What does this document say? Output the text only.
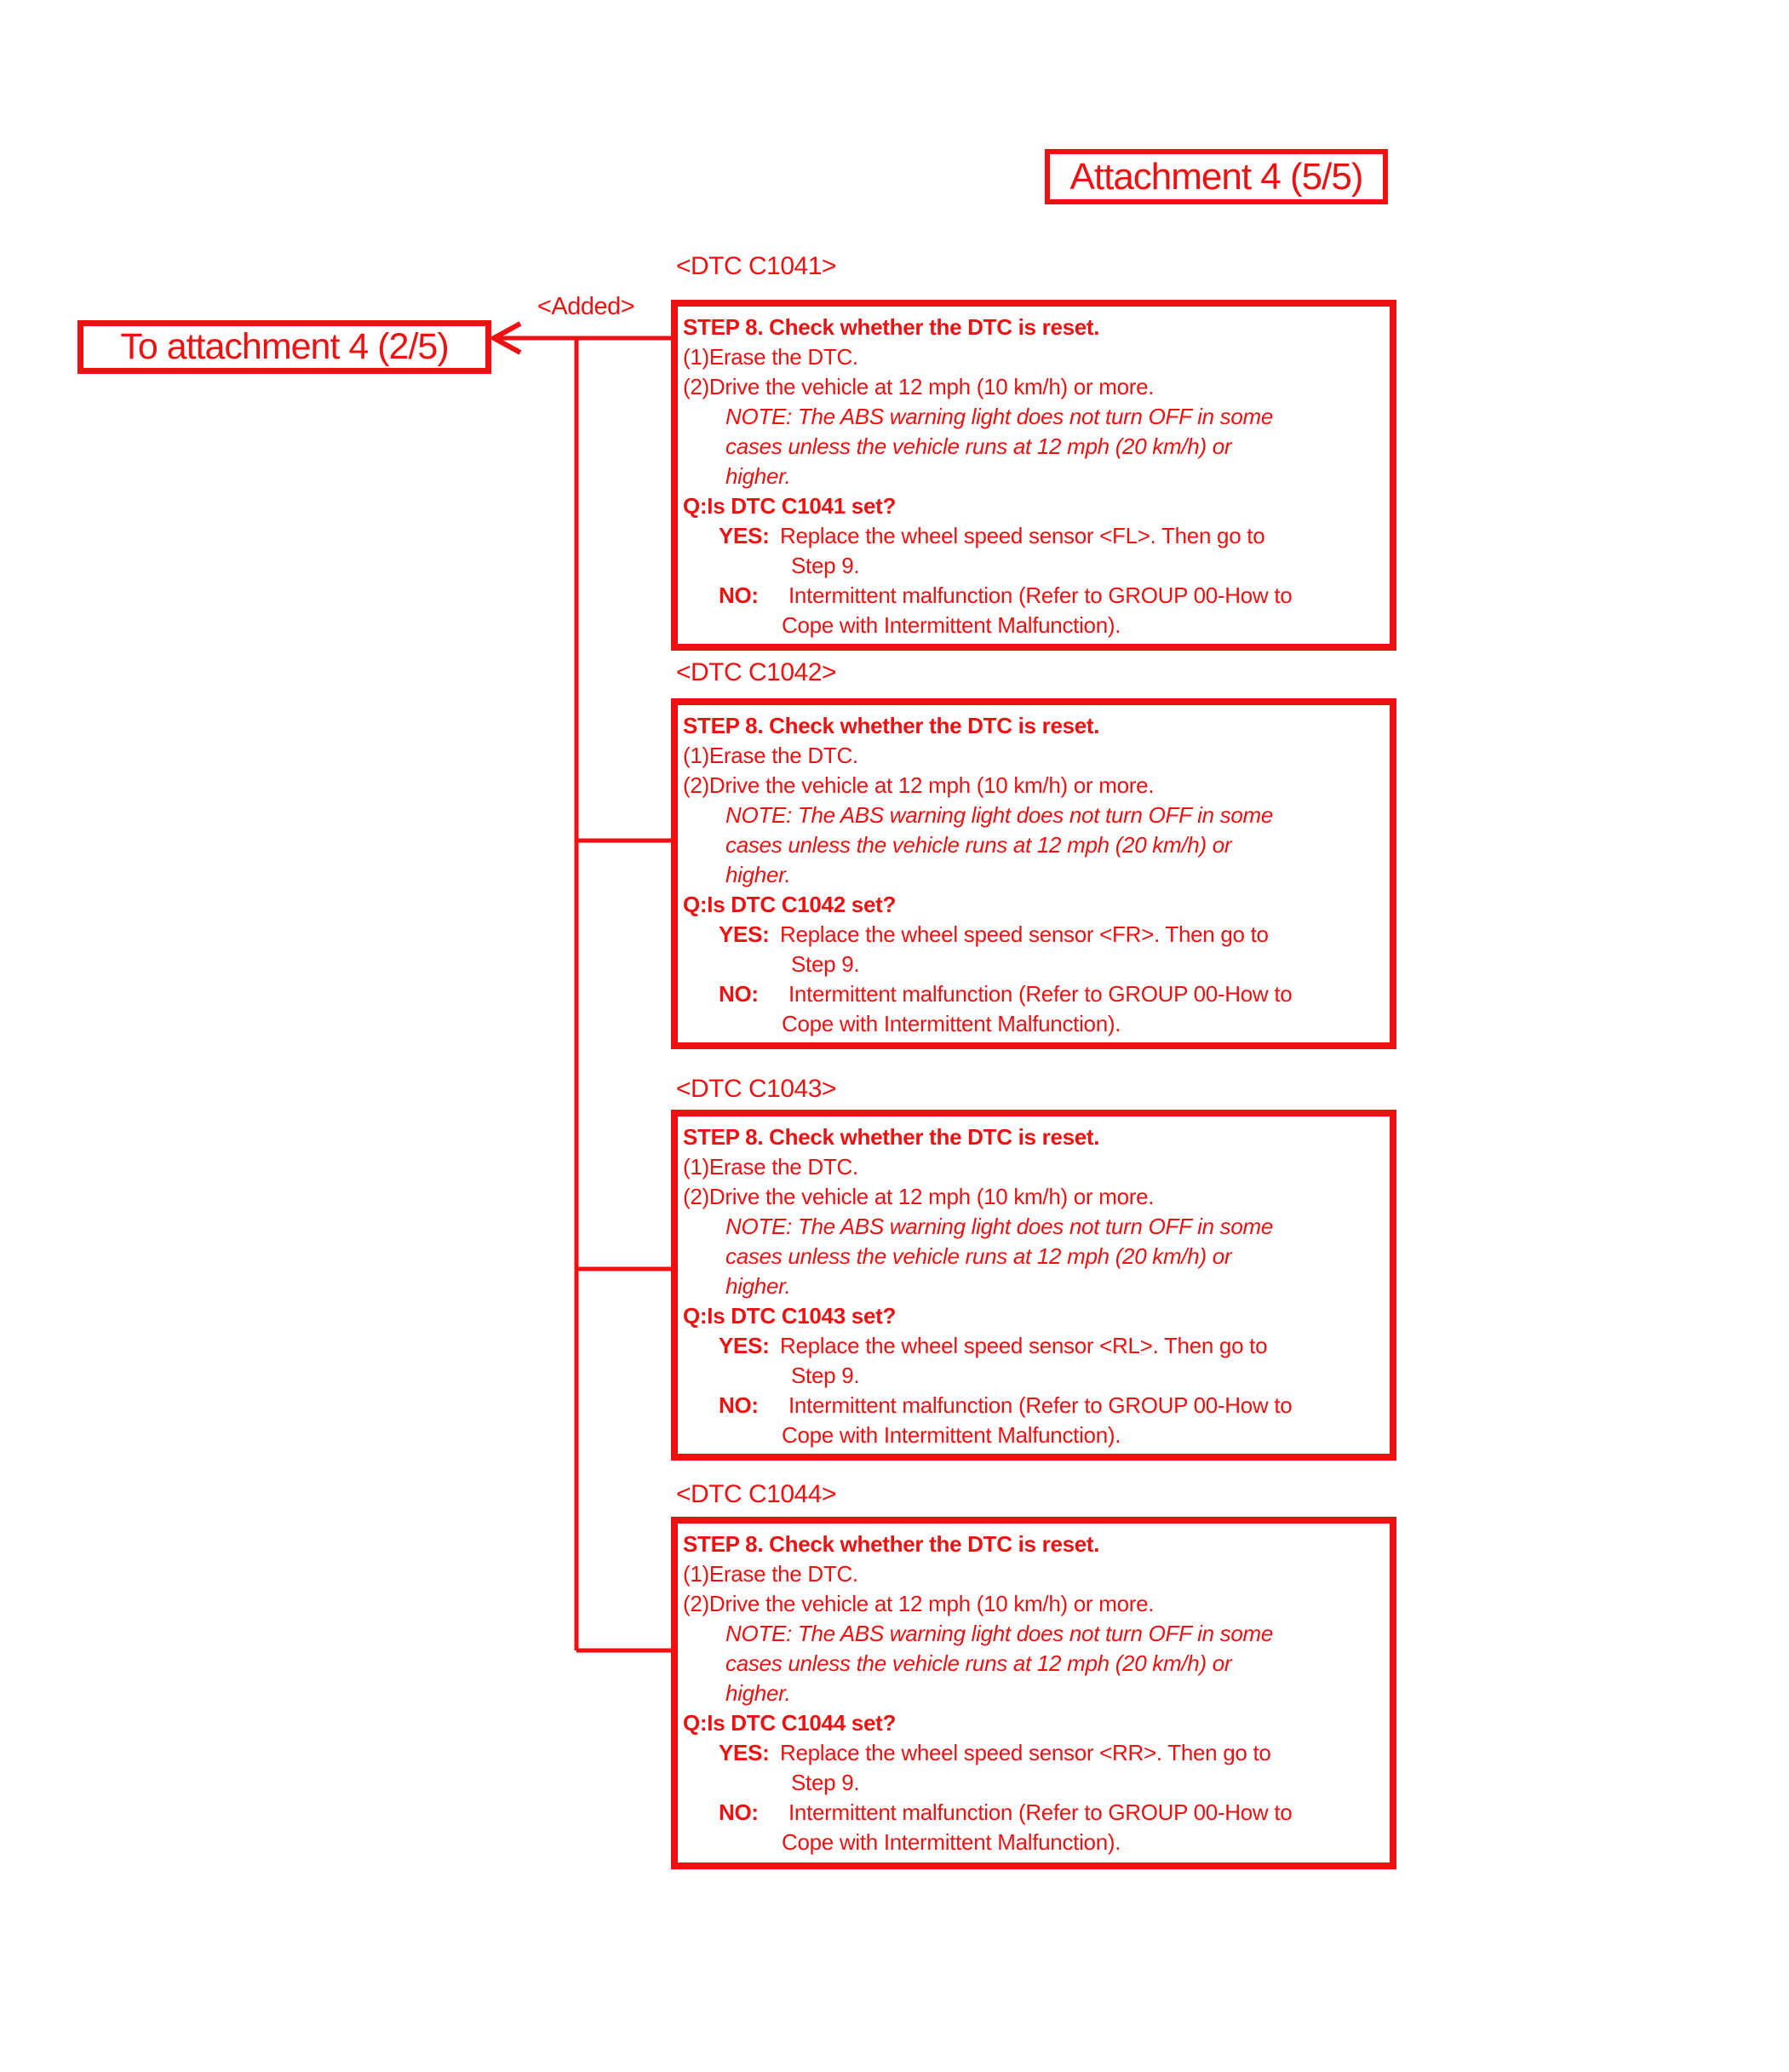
Attachment 4 (5/5)
To attachment 4 (2/5)
<Added>
<DTC C1041>
STEP 8. Check whether the DTC is reset.
(1)Erase the DTC.
(2)Drive the vehicle at 12 mph (10 km/h) or more.
NOTE: The ABS warning light does not turn OFF in some
cases unless the vehicle runs at 12 mph (20 km/h) or
higher.
Q:Is DTC C1041 set?
YES: Replace the wheel speed sensor <FL>. Then go to
Step 9.
NO:	Intermittent malfunction (Refer to GROUP 00-How to
Cope with Intermittent Malfunction).
<DTC C1042>
STEP 8. Check whether the DTC is reset.
(1)Erase the DTC.
(2)Drive the vehicle at 12 mph (10 km/h) or more.
NOTE: The ABS warning light does not turn OFF in some
cases unless the vehicle runs at 12 mph (20 km/h) or
higher.
Q:Is DTC C1042 set?
YES: Replace the wheel speed sensor <FR>. Then go to
Step 9.
NO:	Intermittent malfunction (Refer to GROUP 00-How to
Cope with Intermittent Malfunction).
<DTC C1043>
STEP 8. Check whether the DTC is reset.
(1)Erase the DTC.
(2)Drive the vehicle at 12 mph (10 km/h) or more.
NOTE: The ABS warning light does not turn OFF in some
cases unless the vehicle runs at 12 mph (20 km/h) or
higher.
Q:Is DTC C1043 set?
YES: Replace the wheel speed sensor <RL>. Then go to
Step 9.
NO:	Intermittent malfunction (Refer to GROUP 00-How to
Cope with Intermittent Malfunction).
<DTC C1044>
STEP 8. Check whether the DTC is reset.
(1)Erase the DTC.
(2)Drive the vehicle at 12 mph (10 km/h) or more.
NOTE: The ABS warning light does not turn OFF in some
cases unless the vehicle runs at 12 mph (20 km/h) or
higher.
Q:Is DTC C1044 set?
YES: Replace the wheel speed sensor <RR>. Then go to
Step 9.
NO:	Intermittent malfunction (Refer to GROUP 00-How to
Cope with Intermittent Malfunction).
